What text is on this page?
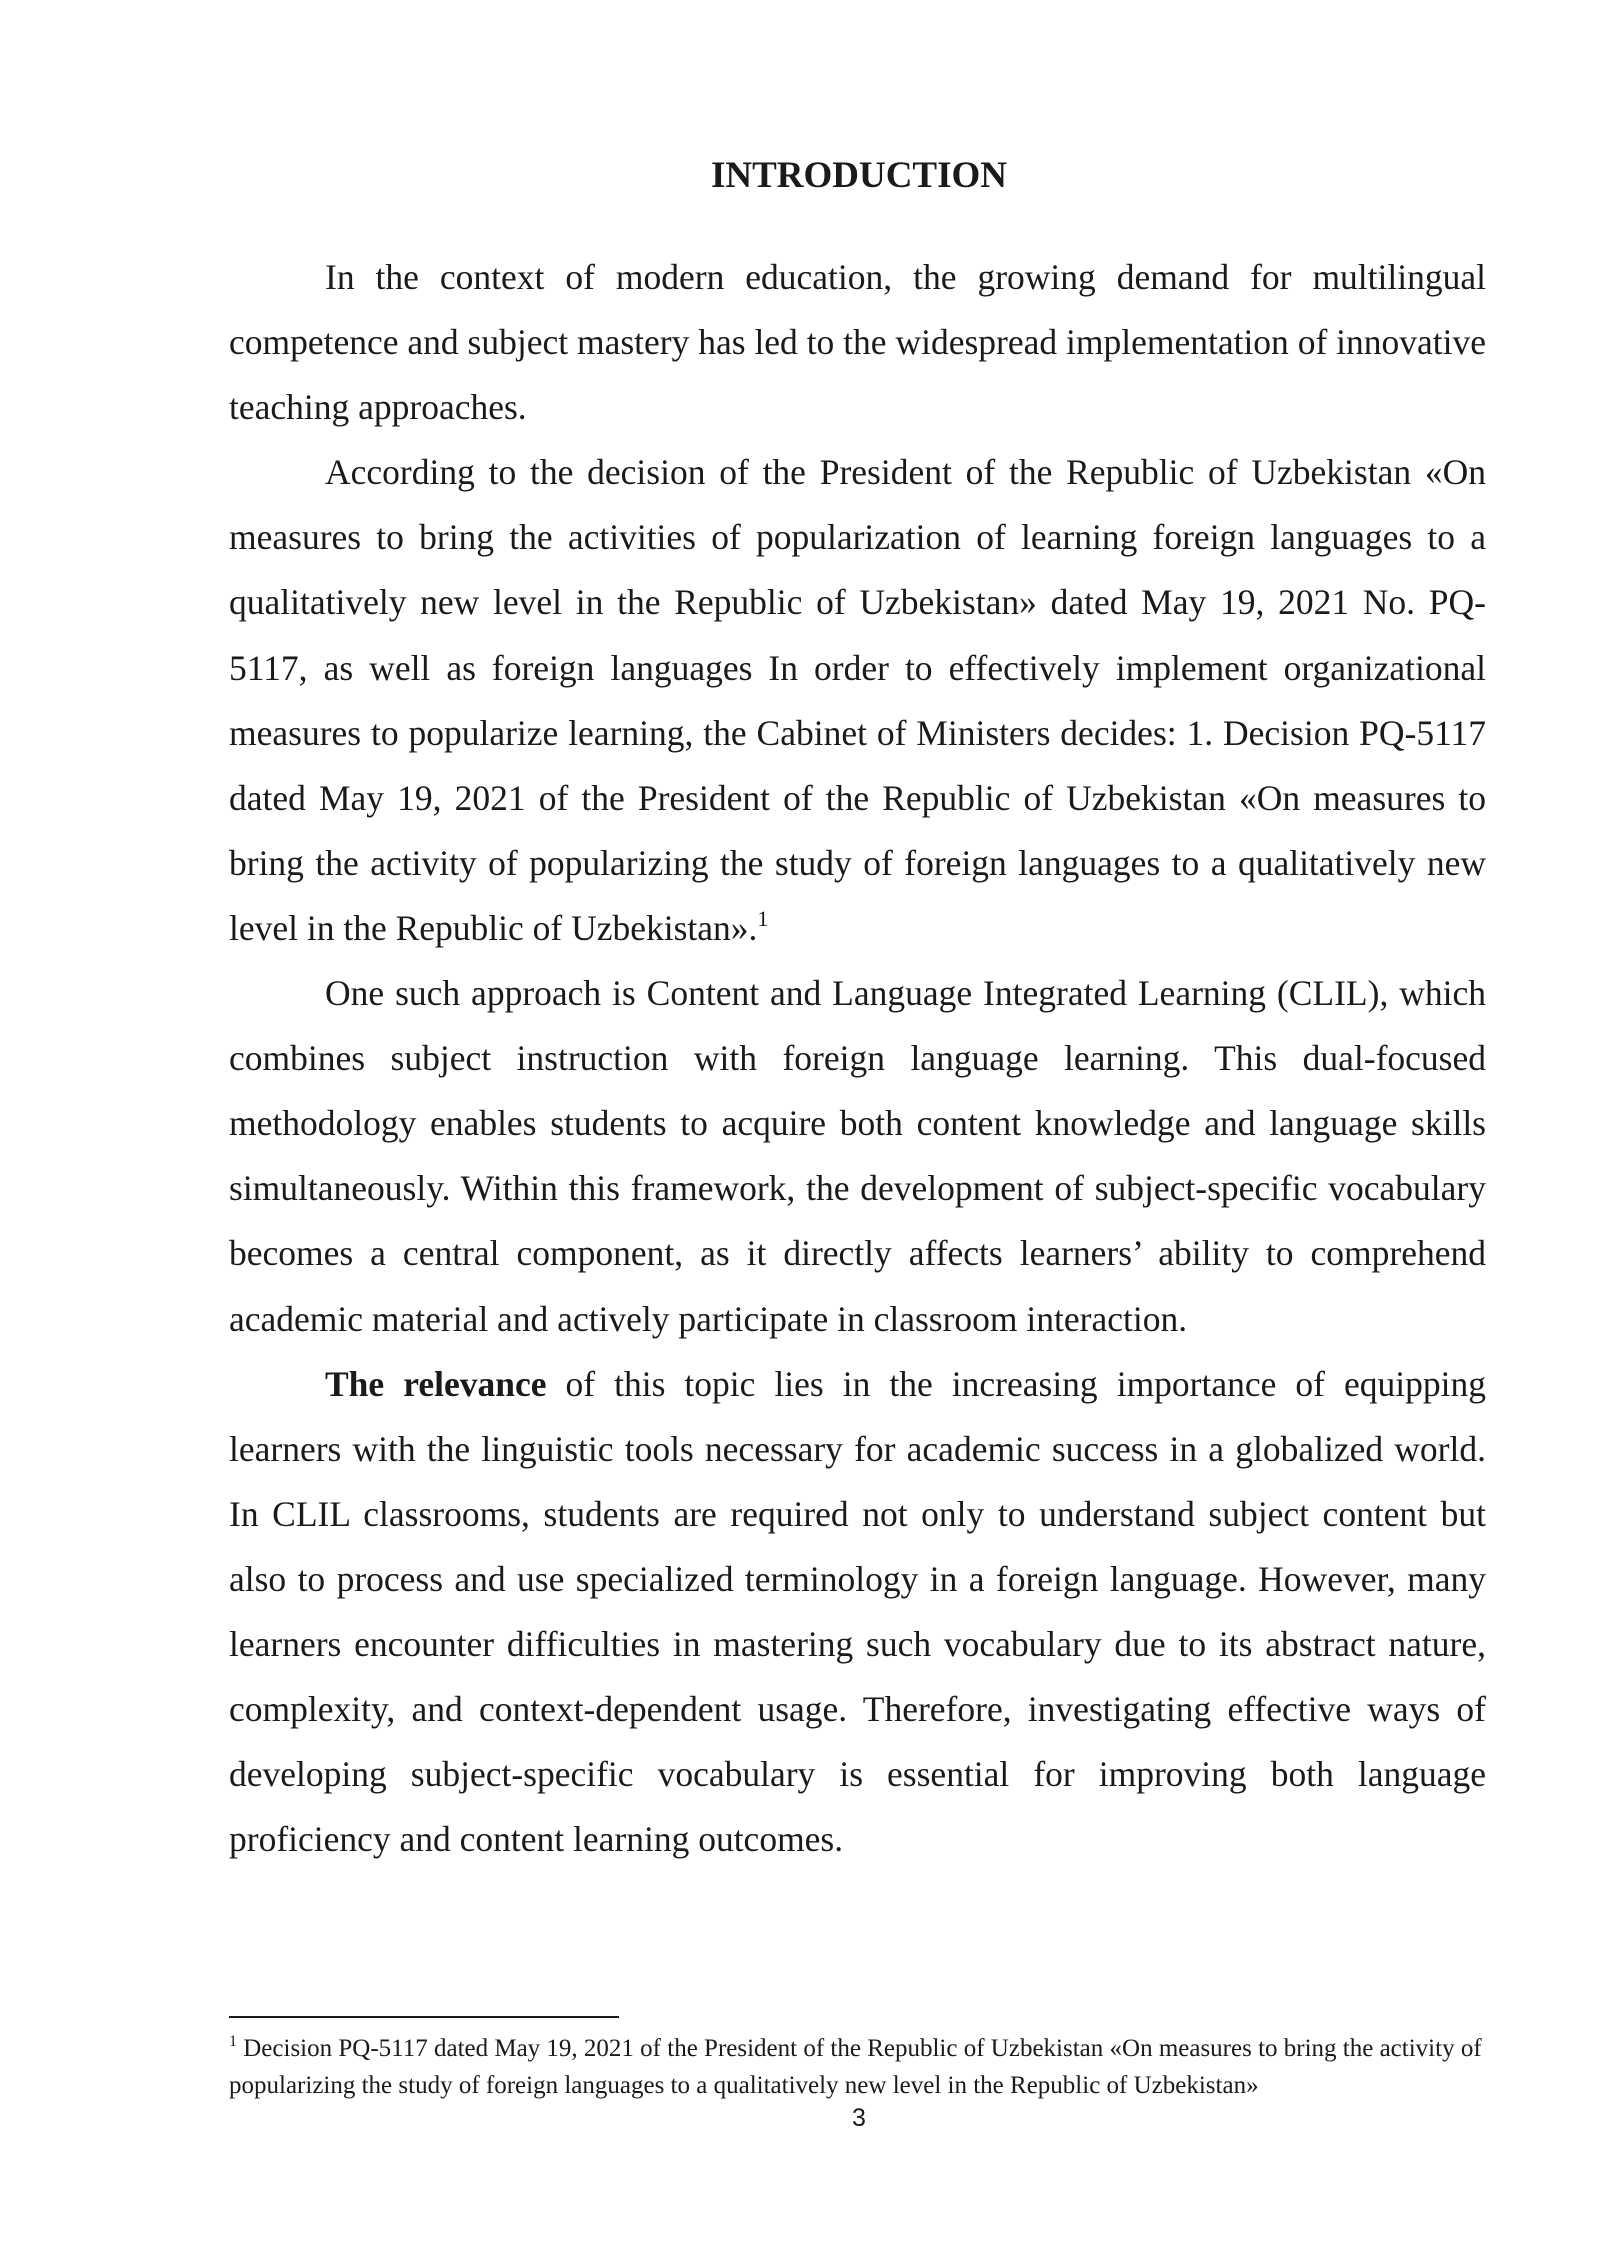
INTRODUCTION

In the context of modern education, the growing demand for multilingual competence and subject mastery has led to the widespread implementation of innovative teaching approaches.

According to the decision of the President of the Republic of Uzbekistan «On measures to bring the activities of popularization of learning foreign languages to a qualitatively new level in the Republic of Uzbekistan» dated May 19, 2021 No. PQ-5117, as well as foreign languages In order to effectively implement organizational measures to popularize learning, the Cabinet of Ministers decides: 1. Decision PQ-5117 dated May 19, 2021 of the President of the Republic of Uzbekistan «On measures to bring the activity of popularizing the study of foreign languages to a qualitatively new level in the Republic of Uzbekistan».$^1$

One such approach is Content and Language Integrated Learning (CLIL), which combines subject instruction with foreign language learning. This dual-focused methodology enables students to acquire both content knowledge and language skills simultaneously. Within this framework, the development of subject-specific vocabulary becomes a central component, as it directly affects learners’ ability to comprehend academic material and actively participate in classroom interaction.

The relevance of this topic lies in the increasing importance of equipping learners with the linguistic tools necessary for academic success in a globalized world. In CLIL classrooms, students are required not only to understand subject content but also to process and use specialized terminology in a foreign language. However, many learners encounter difficulties in mastering such vocabulary due to its abstract nature, complexity, and context-dependent usage. Therefore, investigating effective ways of developing subject-specific vocabulary is essential for improving both language proficiency and content learning outcomes.

$^1$ Decision PQ-5117 dated May 19, 2021 of the President of the Republic of Uzbekistan «On measures to bring the activity of popularizing the study of foreign languages to a qualitatively new level in the Republic of Uzbekistan»

3
